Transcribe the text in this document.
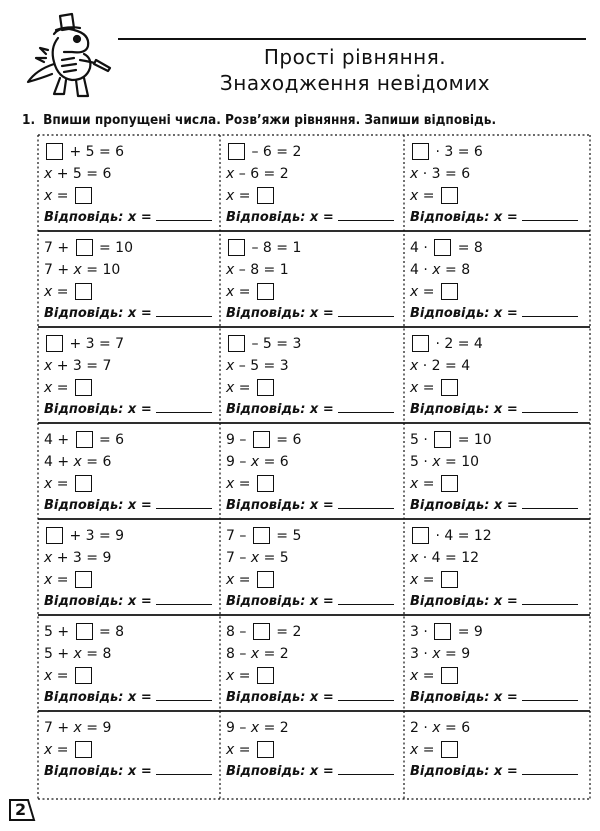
Прості рівняння.
Знаходження невідомих
1. Впиши пропущені числа. Розв’яжи рівняння. Запиши відповідь.
+ 5 = 6
x + 5 = 6
x =
Відповідь: x =
– 6 = 2
x – 6 = 2
x =
Відповідь: x =
· 3 = 6
x · 3 = 6
x =
Відповідь: x =
7 + = 10
7 + x = 10
x =
Відповідь: x =
– 8 = 1
x – 8 = 1
x =
Відповідь: x =
4 · = 8
4 · x = 8
x =
Відповідь: x =
+ 3 = 7
x + 3 = 7
x =
Відповідь: x =
– 5 = 3
x – 5 = 3
x =
Відповідь: x =
· 2 = 4
x · 2 = 4
x =
Відповідь: x =
4 + = 6
4 + x = 6
x =
Відповідь: x =
9 – = 6
9 – x = 6
x =
Відповідь: x =
5 · = 10
5 · x = 10
x =
Відповідь: x =
+ 3 = 9
x + 3 = 9
x =
Відповідь: x =
7 – = 5
7 – x = 5
x =
Відповідь: x =
· 4 = 12
x · 4 = 12
x =
Відповідь: x =
5 + = 8
5 + x = 8
x =
Відповідь: x =
8 – = 2
8 – x = 2
x =
Відповідь: x =
3 · = 9
3 · x = 9
x =
Відповідь: x =
7 + x = 9
x =
Відповідь: x =
9 – x = 2
x =
Відповідь: x =
2 · x = 6
x =
Відповідь: x =
2
